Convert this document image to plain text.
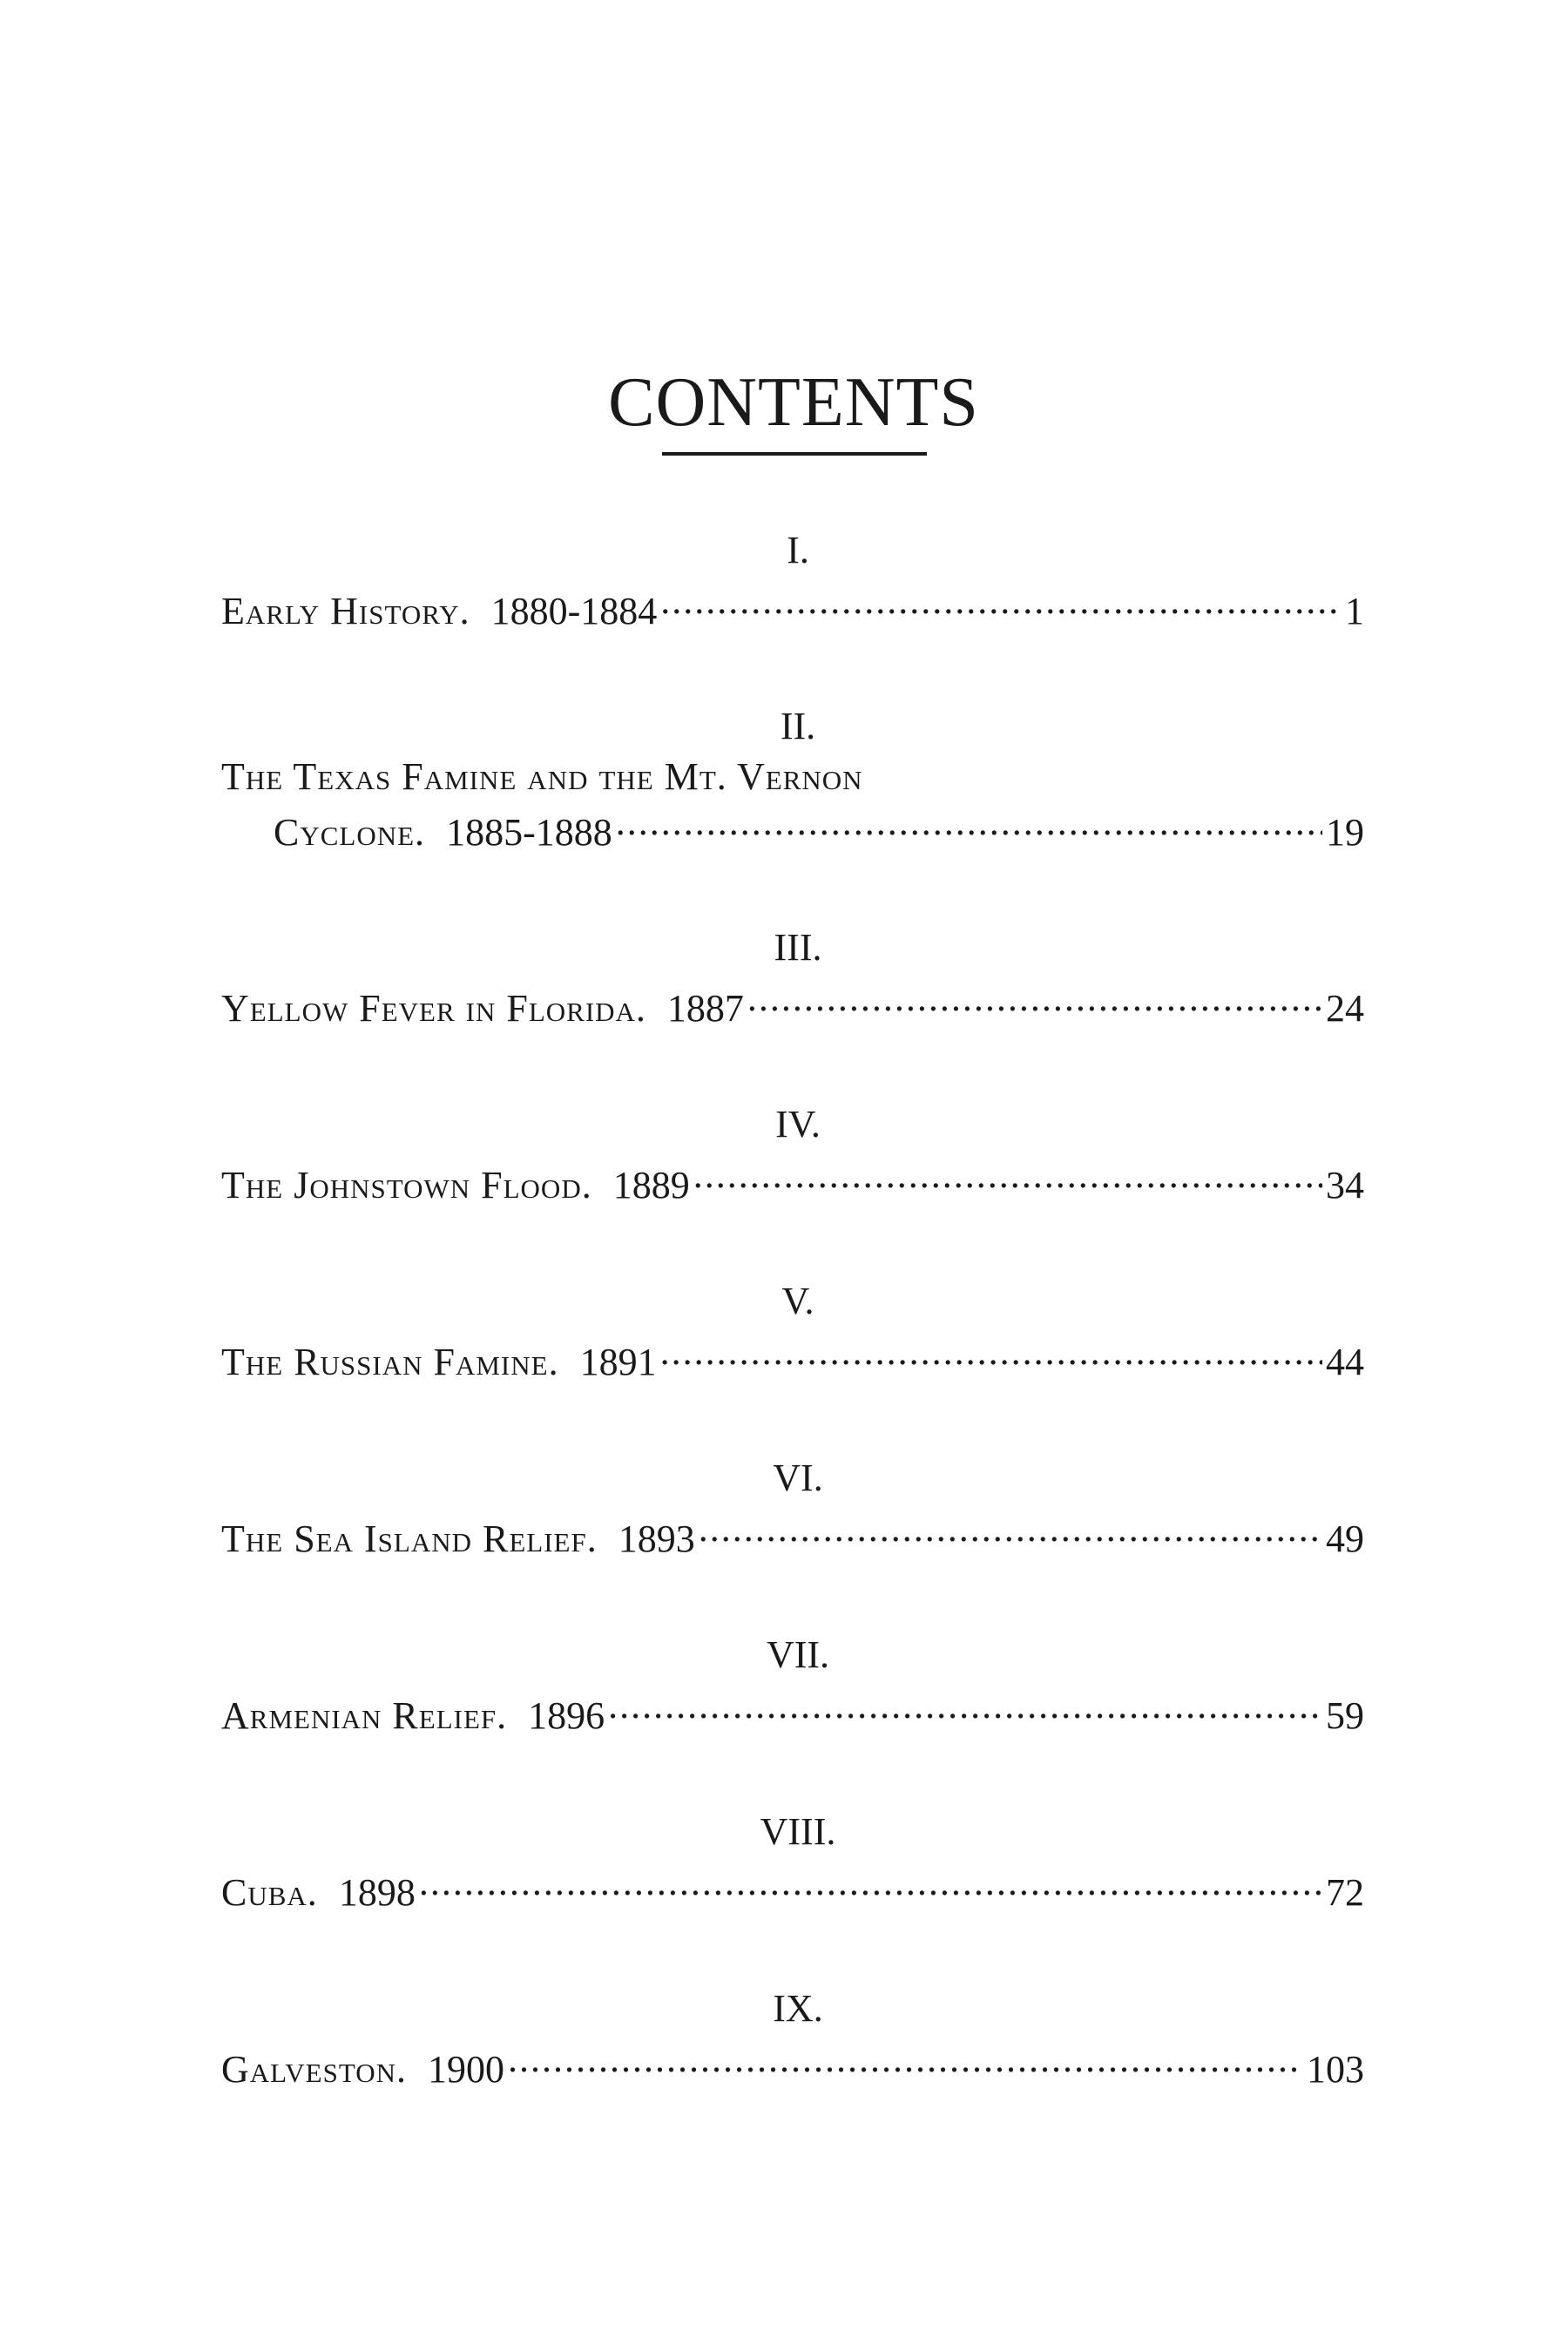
CONTENTS
I.
Early History. 1880-1884 .....	1
II.
The Texas Famine and the Mt. Vernon
Cyclone. 1885-1888 .....	19
III.
Yellow Fever in Florida. 1887 .....	24
IV.
The Johnstown Flood. 1889 .....	34
V.
The Russian Famine. 1891 .....	44
VI.
The Sea Island Relief. 1893 .....	49
VII.
Armenian Relief. 1896 .....	59
VIII.
Cuba. 1898 .....	72
IX.
Galveston. 1900 .....	103
